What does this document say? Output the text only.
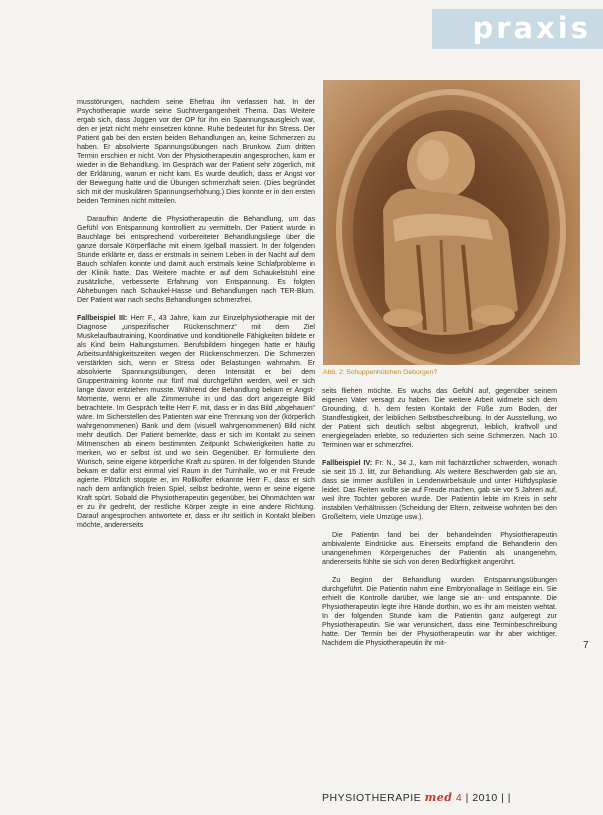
praxis

musstörungen, nachdem seine Ehefrau ihn verlassen hat. In der Psychotherapie wurde seine Suchtvergangenheit Thema. Das Weitere ergab sich, dass Joggen vor der OP für ihn ein Spannungsausgleich war, den er jetzt nicht mehr einsetzen könne. Ruhe bedeutet für ihn Stress. Der Patient gab bei den ersten beiden Behandlungen an, keine Schmerzen zu haben. Er absolvierte Spannungsübungen nach Brunkow. Zum dritten Termin erschien er nicht. Von der Physiotherapeutin angesprochen, kam er wieder in die Behandlung. Im Gespräch war der Patient sehr zögerlich, mit der Erklärung, warum er nicht kam. Es wurde deutlich, dass er Angst vor der Bewegung hatte und die Übungen schmerzhaft seien. (Dies begründet sich mit der muskulären Spannungserhöhung.) Dies konnte er in den ersten beiden Terminen nicht mitteilen.

Daraufhin änderte die Physiotherapeutin die Behandlung, um das Gefühl von Entspannung kontrolliert zu vermitteln. Der Patient wurde in Bauchlage bei entsprechend vorbereiteter Behandlungsliege über die ganze dorsale Körperfläche mit einem Igelball massiert. In der folgenden Stunde erklärte er, dass er erstmals in seinem Leben in der Nacht auf dem Bauch schlafen konnte und damit auch erstmals keine Schlafprobleme in der Klinik hatte. Das Weitere machte er auf dem Schaukelstuhl eine zusätzliche, verbesserte Erfahrung von Entspannung. Es folgten Abhebungen nach Schaukel-Hasse und Behandlungen nach TER-Blum. Der Patient war nach sechs Behandlungen schmerzfrei.

Fallbeispiel III: Herr F., 43 Jahre, kam zur Einzelphysiotherapie mit der Diagnose „unspezifischer Rückenschmerz“ mit dem Ziel Muskelaufbautraining, Koordinative und konditionelle Fähigkeiten bildete er als Kind beim Haltungsturnen. Berufsbildern hingegen hatte er häufig Arbeitsunfähigkeitszeiten wegen der Rückenschmerzen. Die Schmerzen verstärkten sich, wenn er Stress oder Belastungen wahrnahm. Er absolvierte Spannungsübungen, deren Intensität er bei dem Gruppentraining konnte nur fünf mal durchgeführt werden, weil er sich lange davor entziehen musste. Während der Behandlung bekam er Angst-Momente, wenn er alle Zimmerruhe in und das dort angezeigte Bild betrachtete. Im Gespräch teilte Herr F. mit, dass er in das Bild „abgehauen“ wäre. Im Sicherstellen des Patienten war eine Trennung von der (körperlich wahrgenommenen) Bank und dem (visuell wahrgenommenen) Bild nicht mehr deutlich. Der Patient bemerkte, dass er sich im Kontakt zu seinen Mitmenschen ab einem bestimmten Zeitpunkt Schwierigkeiten hatte zu merken, wo er selbst ist und wo sein Gegenüber. Er formulierte den Wunsch, seine eigene körperliche Kraft zu spüren. In der folgenden Stunde bekam er dafür erst einmal viel Raum in der Turnhalle, wo er mit Freude agierte. Plötzlich stoppte er, im Rollkoffer erkannte Herr F., dass er sich nach dem anfänglich freien Spiel, selbst bedrohte, wenn er seine eigene Kraft spürt. Sobald die Physiotherapeutin gegenüber, bei Ohnmächten war er zu ihr gedreht, der restliche Körper zeigte in eine andere Richtung. Darauf angesprochen antwortete er, dass er ihr seitlich in Kontakt bleiben möchte, andererseits

Abb. 2: Schuppenhütchen Geborgen?

seits fliehen möchte. Es wuchs das Gefühl auf, gegenüber seinem eigenen Vater versagt zu haben. Die weitere Arbeit widmete sich dem Grounding, d. h. dem festen Kontakt der Füße zum Boden, der Standfestigkeit, der leiblichen Selbstbeschreibung. In der Ausstellung, wo der Patient sich deutlich selbst abgegrenzt, leiblich, kraftvoll und energiegeladen erlebte, so reduzierten sich seine Schmerzen. Nach 10 Terminen war er schmerzfrei.

Fallbeispiel IV: Fr. N., 34 J., kam mit fachärztlicher schwerden, wonach sie seit 15 J. litt, zur Behandlung. Als weitere Beschwerden gab sie an, dass sie immer ausfüllen in Lendenwirbelsäule und unter Hüftdysplasie leidet. Das Reiten wollte sie auf Freude machen, gab sie vor 5 Jahren auf, weil ihre Tochter geboren wurde. Der Patientin lebte im Kreis in sehr instabilen Verhältnissen (Scheidung der Eltern, zeitweise wohnten bei den Großeltern, viele Umzüge usw.).

Die Patientin fand bei der behandelnden Physiotherapeutin ambivalente Eindrücke aus. Einerseits empfand die Behandlerin den unangenehmen Körpergeruches der Patientin als unangenehm, andererseits fühlte sie sich von deren Bedürftigkeit angerührt.

Zu Beginn der Behandlung wurden Entspannungsübungen durchgeführt. Die Patientin nahm eine Embryonallage in Seitlage ein. Sie erhielt die Kontrolle darüber, wie lange sie an- und entspannte. Die Physiotherapeutin legte ihre Hände dorthin, wo es ihr am meisten wehtat. In der folgenden Stunde kam die Patientin ganz aufgeregt zur Physiotherapeutin. Sie war verunsichert, dass eine Terminbeschreibung hatte. Der Termin bei der Physiotherapeutin war ihr aber wichtiger. Nachdem die Physiotherapeutin ihr mit-	7
PHYSIOTHERAPIE med 4 | 2010 | |
